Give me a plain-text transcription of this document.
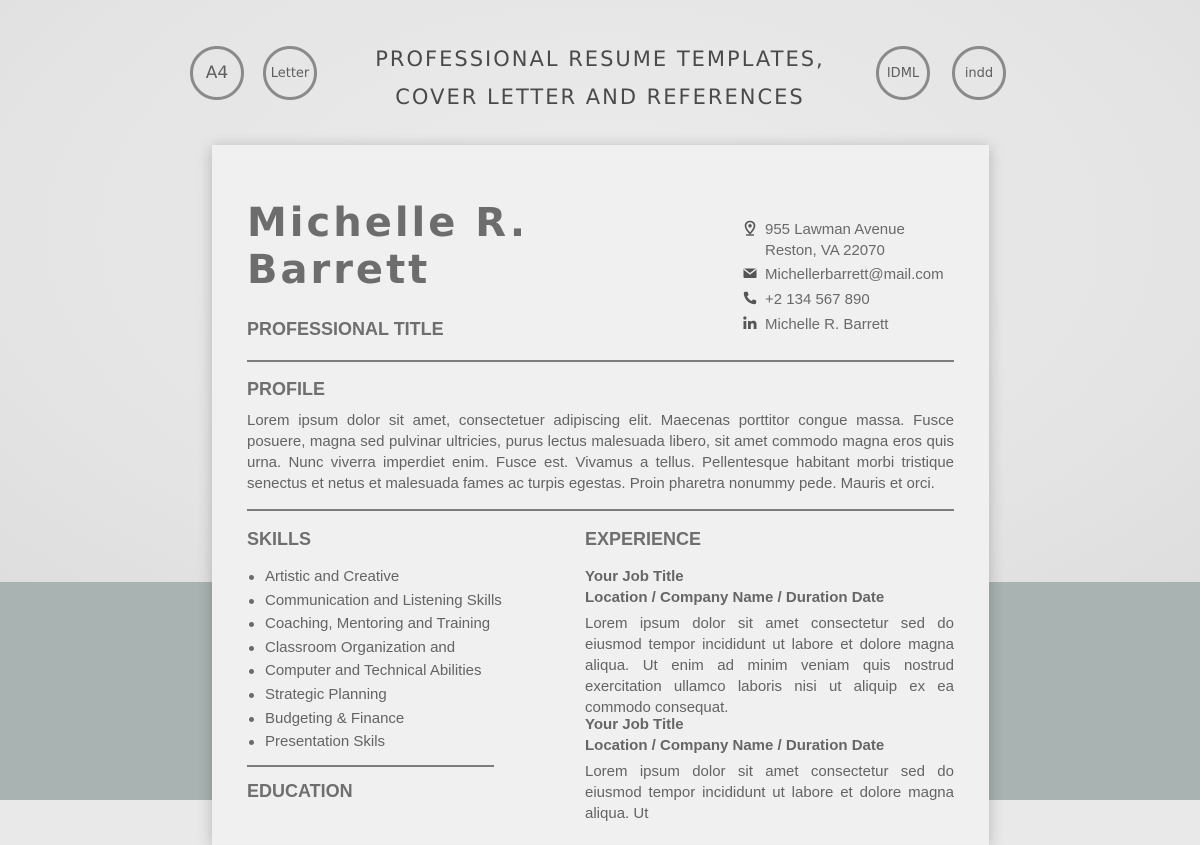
A4	Letter
PROFESSIONAL RESUME TEMPLATES,
COVER LETTER AND REFERENCES
IDML	indd
Michelle R.
Barrett
PROFESSIONAL TITLE
955 Lawman Avenue
Reston, VA 22070
Michellerbarrett@mail.com
+2 134 567 890
Michelle R. Barrett
PROFILE
Lorem ipsum dolor sit amet, consectetuer adipiscing elit. Maecenas porttitor congue massa. Fusce posuere, magna sed pulvinar ultricies, purus lectus malesuada libero, sit amet commodo magna eros quis urna. Nunc viverra imperdiet enim. Fusce est. Vivamus a tellus. Pellentesque habitant morbi tristique senectus et netus et malesuada fames ac turpis egestas. Proin pharetra nonummy pede. Mauris et orci.
SKILLS
Artistic and Creative
Communication and Listening Skills
Coaching, Mentoring and Training
Classroom Organization and
Computer and Technical Abilities
Strategic Planning
Budgeting & Finance
Presentation Skils
EDUCATION
EXPERIENCE
Your Job Title
Location / Company Name / Duration Date
Lorem ipsum dolor sit amet consectetur sed do eiusmod tempor incididunt ut labore et dolore magna aliqua. Ut enim ad minim veniam quis nostrud exercitation ullamco laboris nisi ut aliquip ex ea commodo consequat.
Your Job Title
Location / Company Name / Duration Date
Lorem ipsum dolor sit amet consectetur sed do eiusmod tempor incididunt ut labore et dolore magna aliqua. Ut
